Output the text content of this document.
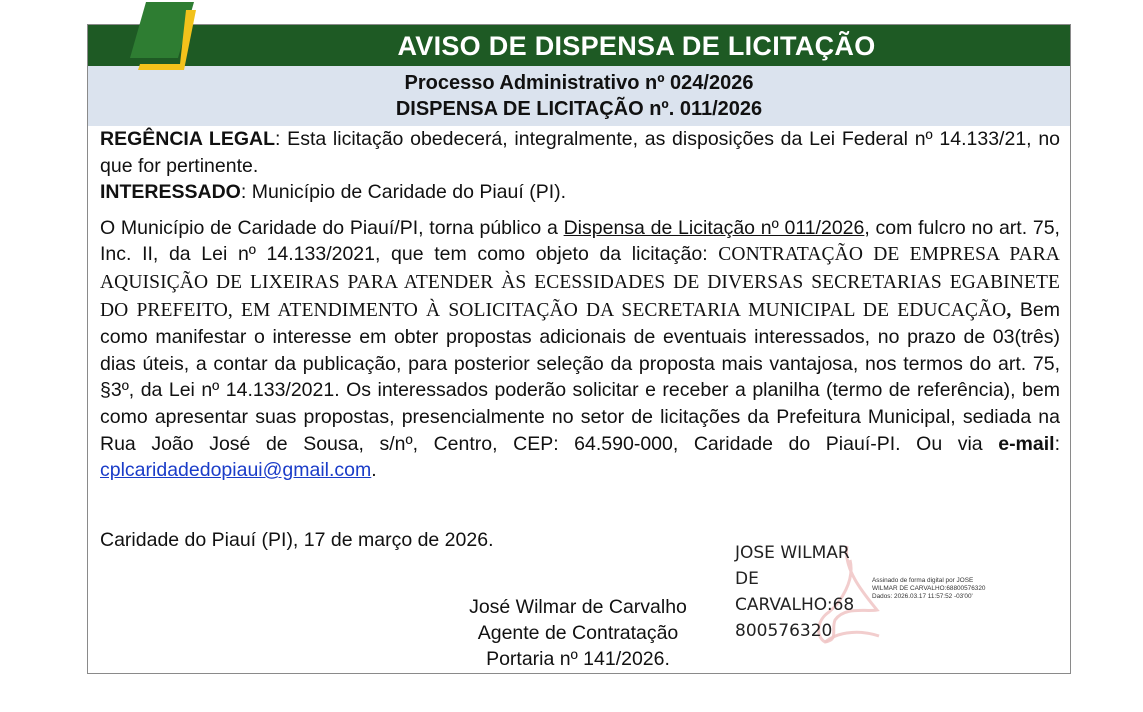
AVISO DE DISPENSA DE LICITAÇÃO
Processo Administrativo nº 024/2026
DISPENSA DE LICITAÇÃO nº. 011/2026

REGÊNCIA LEGAL: Esta licitação obedecerá, integralmente, as disposições da Lei Federal nº 14.133/21, no que for pertinente.

INTERESSADO: Município de Caridade do Piauí (PI).

O Município de Caridade do Piauí/PI, torna público a Dispensa de Licitação nº 011/2026, com fulcro no art. 75, Inc. II, da Lei nº 14.133/2021, que tem como objeto da licitação: CONTRATAÇÃO DE EMPRESA PARA AQUISIÇÃO DE LIXEIRAS PARA ATENDER ÀS ECESSIDADES DE DIVERSAS SECRETARIAS EGABINETE DO PREFEITO, EM ATENDIMENTO À SOLICITAÇÃO DA SECRETARIA MUNICIPAL DE EDUCAÇÃO, Bem como manifestar o interesse em obter propostas adicionais de eventuais interessados, no prazo de 03(três) dias úteis, a contar da publicação, para posterior seleção da proposta mais vantajosa, nos termos do art. 75, §3º, da Lei nº 14.133/2021. Os interessados poderão solicitar e receber a planilha (termo de referência), bem como apresentar suas propostas, presencialmente no setor de licitações da Prefeitura Municipal, sediada na Rua João José de Sousa, s/nº, Centro, CEP: 64.590-000, Caridade do Piauí-PI. Ou via e-mail: cplcaridadedopiaui@gmail.com.

Caridade do Piauí (PI), 17 de março de 2026.
José Wilmar de Carvalho
Agente de Contratação
Portaria nº 141/2026.
JOSE WILMAR
DE
CARVALHO:68
800576320
Assinado de forma digital por JOSE
WILMAR DE CARVALHO:68800576320
Dados: 2026.03.17 11:57:52 -03'00'
